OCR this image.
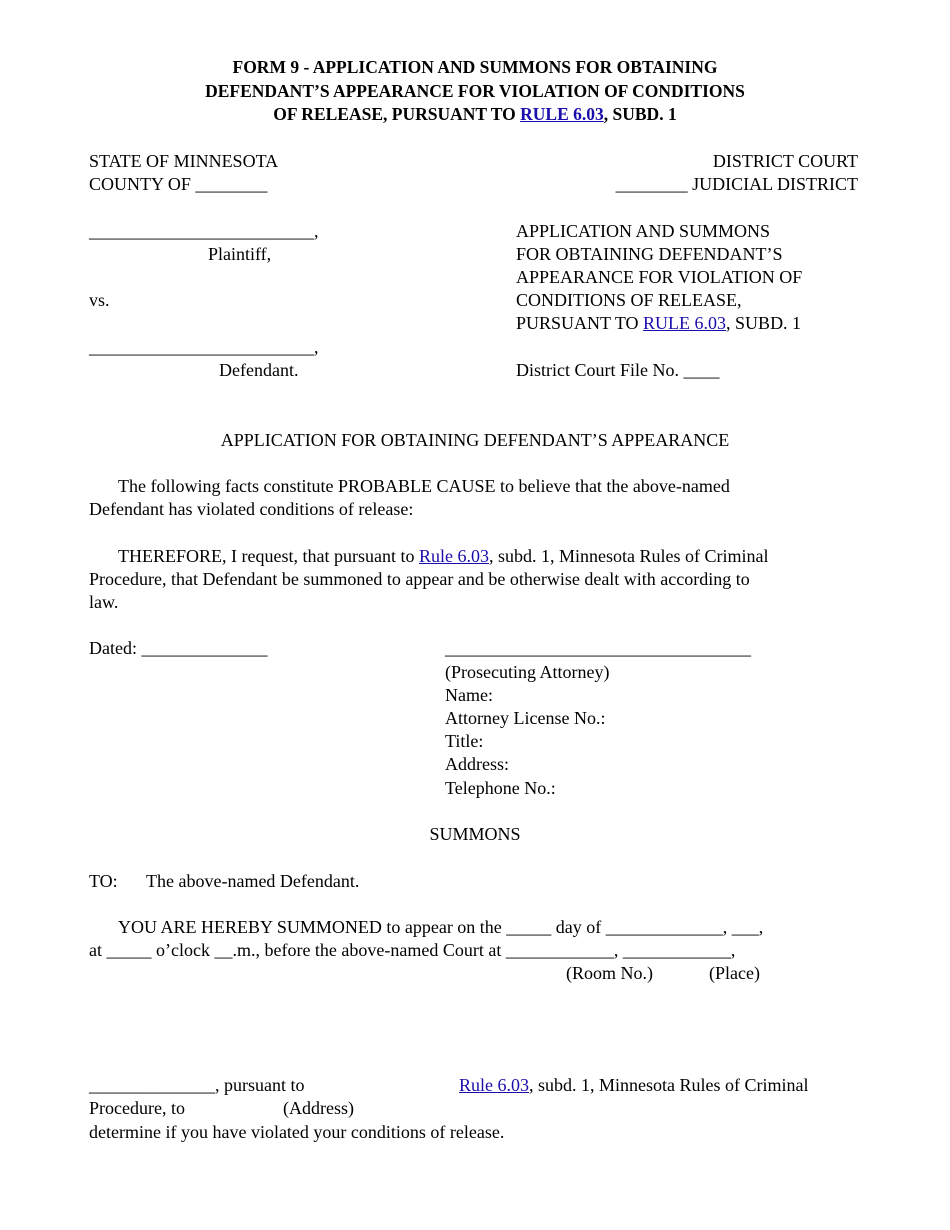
FORM 9 - APPLICATION AND SUMMONS FOR OBTAINING
DEFENDANT’S APPEARANCE FOR VIOLATION OF CONDITIONS
OF RELEASE, PURSUANT TO RULE 6.03, SUBD. 1
STATE OF MINNESOTA
COUNTY OF ________
DISTRICT COURT
________ JUDICIAL DISTRICT
_________________________,
Plaintiff,
vs.
_________________________,
Defendant.
APPLICATION AND SUMMONS
FOR OBTAINING DEFENDANT’S
APPEARANCE FOR VIOLATION OF
CONDITIONS OF RELEASE,
PURSUANT TO RULE 6.03, SUBD. 1
District Court File No. ____
APPLICATION FOR OBTAINING DEFENDANT’S APPEARANCE
The following facts constitute PROBABLE CAUSE to believe that the above-named
Defendant has violated conditions of release:
THEREFORE, I request, that pursuant to Rule 6.03, subd. 1, Minnesota Rules of Criminal
Procedure, that Defendant be summoned to appear and be otherwise dealt with according to
law.
Dated: ______________	__________________________________
(Prosecuting Attorney)
Name:
Attorney License No.:
Title:
Address:
Telephone No.:
SUMMONS
TO: The above-named Defendant.
YOU ARE HEREBY SUMMONED to appear on the _____ day of _____________, ___,
at _____ o’clock __.m., before the above-named Court at ____________, ____________,
(Room No.)	(Place)
______________, pursuant to	Rule 6.03, subd. 1, Minnesota Rules of Criminal
Procedure, to	(Address)
determine if you have violated your conditions of release.
